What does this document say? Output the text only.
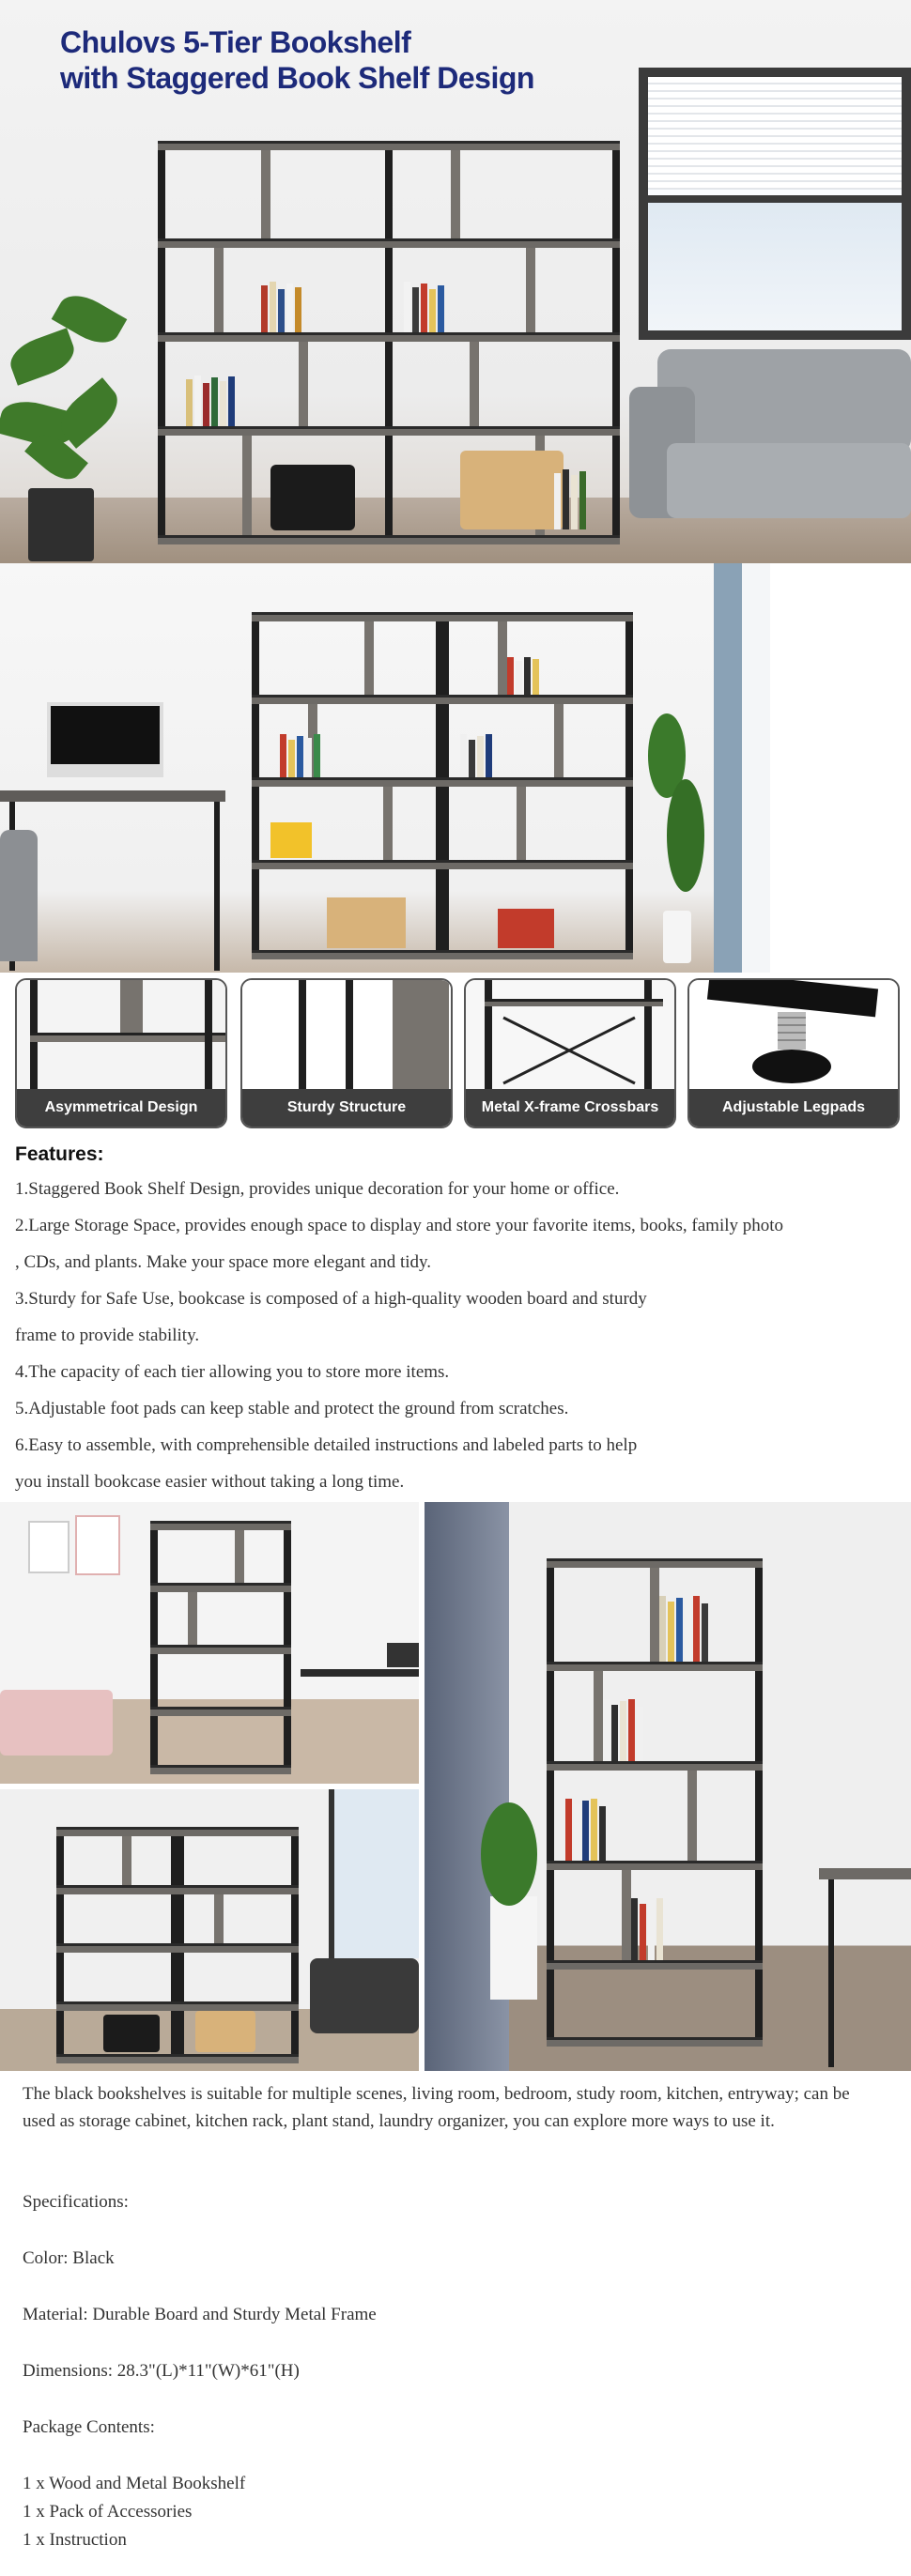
Chulovs 5-Tier Bookshelf
with Staggered Book Shelf Design
Asymmetrical Design	Sturdy Structure	Metal X-frame Crossbars	Adjustable Legpads
Features:
1.Staggered Book Shelf Design, provides unique decoration for your home or office.
2.Large Storage Space, provides enough space to display and store your favorite items, books, family photo
, CDs, and plants. Make your space more elegant and tidy.
3.Sturdy for Safe Use, bookcase is composed of a high-quality wooden board and sturdy
frame to provide stability.
4.The capacity of each tier allowing you to store more items.
5.Adjustable foot pads can keep stable and protect the ground from scratches.
6.Easy to assemble, with comprehensible detailed instructions and labeled parts to help
you install bookcase easier without taking a long time.
The black bookshelves is suitable for multiple scenes, living room, bedroom, study room, kitchen, entryway; can be used as storage cabinet, kitchen rack, plant stand, laundry organizer, you can explore more ways to use it.
Specifications:
Color: Black
Material: Durable Board and Sturdy Metal Frame
Dimensions: 28.3"(L)*11"(W)*61"(H)
Package Contents:
1 x Wood and Metal Bookshelf
1 x Pack of Accessories
1 x Instruction
